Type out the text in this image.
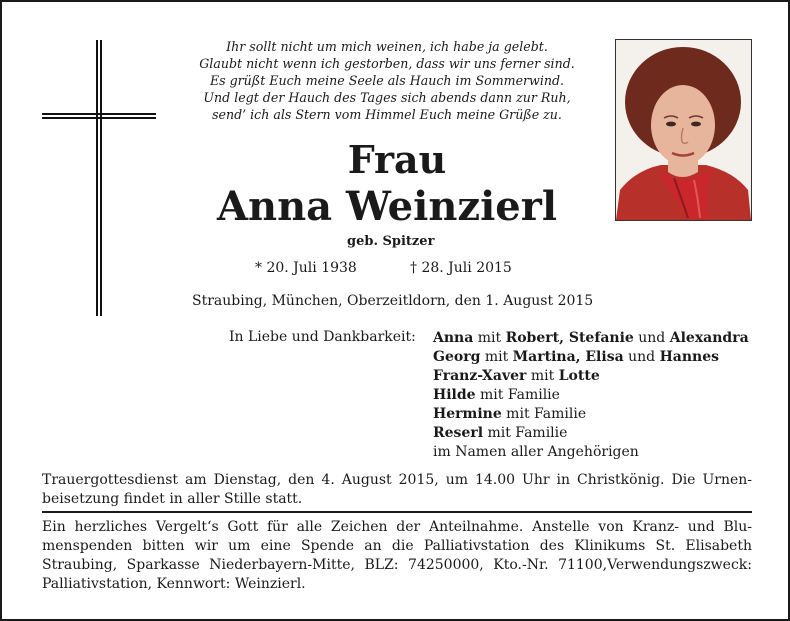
Ihr sollt nicht um mich weinen, ich habe ja gelebt.
Glaubt nicht wenn ich gestorben, dass wir uns ferner sind.
Es grüßt Euch meine Seele als Hauch im Sommerwind.
Und legt der Hauch des Tages sich abends dann zur Ruh,
send’ ich als Stern vom Himmel Euch meine Grüße zu.
Frau
Anna Weinzierl
geb. Spitzer
* 20. Juli 1938	† 28. Juli 2015
Straubing, München, Oberzeitldorn, den 1. August 2015
In Liebe und Dankbarkeit: Anna mit Robert, Stefanie und Alexandra
Georg mit Martina, Elisa und Hannes
Franz-Xaver mit Lotte
Hilde mit Familie
Hermine mit Familie
Reserl mit Familie
im Namen aller Angehörigen
Trauergottesdienst am Dienstag, den 4. August 2015, um 14.00 Uhr in Christkönig. Die Urnen-
beisetzung findet in aller Stille statt.
Ein herzliches Vergelt‘s Gott für alle Zeichen der Anteilnahme. Anstelle von Kranz- und Blu-
menspenden bitten wir um eine Spende an die Palliativstation des Klinikums St. Elisabeth
Straubing, Sparkasse Niederbayern-Mitte, BLZ: 74250000, Kto.-Nr. 71100,Verwendungszweck:
Palliativstation, Kennwort: Weinzierl.
